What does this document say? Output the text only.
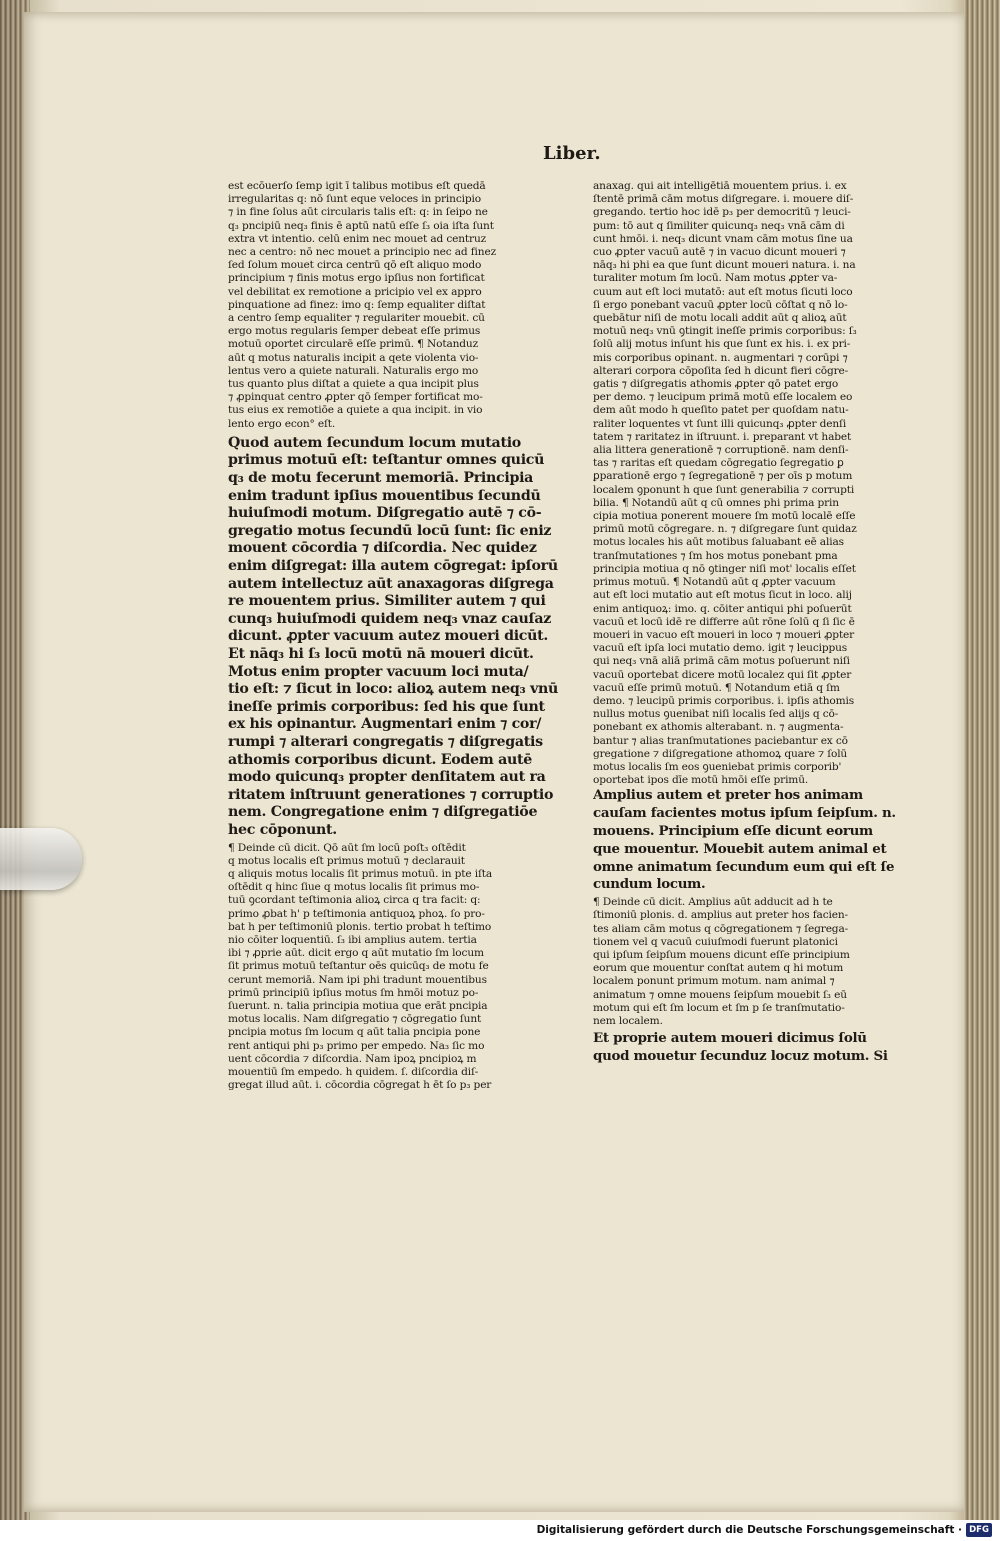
Liber.

est ecōuerſo ſemp igit ī talibus motibus eſt quedā

irregularitas q: nō ſunt eque veloces in principio

⁊ in fine ſolus aūt circularis talis eſt: q: in ſeipo ne

q₃ pncipiū neq₃ finis ē aptū natū eſſe ſ₃ oia iſta ſunt

extra vt intentio. celū enim nec mouet ad centruz

nec a centro: nō nec mouet a principio nec ad finez

ſed ſolum mouet circa centrū qō eſt aliquo modo

principium ⁊ finis motus ergo ipſius non fortificat

vel debilitat ex remotione a pricipio vel ex appro

pinquatione ad finez: imo q: ſemp equaliter diſtat

a centro ſemp equaliter ⁊ regulariter mouebit. cū

ergo motus regularis ſemper debeat eſſe primus

motuū oportet circularē eſſe primū. ¶ Notanduz

aūt q motus naturalis incipit a qete violenta vio-

lentus vero a quiete naturali. Naturalis ergo mo

tus quanto plus diſtat a quiete a qua incipit plus

⁊ ꝓpinquat centro ꝓpter qō ſemper fortificat mo-

tus eius ex remotiōe a quiete a qua incipit. in vio

lento ergo econ° eſt.

Quod autem ſecundum locum mutatio

primus motuū eſt: teſtantur omnes quicū

q₃ de motu fecerunt memoriā. Principia

enim tradunt ipſius mouentibus ſecundū

huiuſmodi motum. Diſgregatio autē ⁊ cō-

gregatio motus ſecundū locū ſunt: ſic eniz

mouent cōcordia ⁊ diſcordia. Nec quidez

enim diſgregat: illa autem cōgregat: ipſorū

autem intellectuz aūt anaxagoras diſgrega

re mouentem prius. Similiter autem ⁊ qui

cunq₃ huiuſmodi quidem neq₃ vnaz cauſaz

dicunt. ꝓpter vacuum autez moueri dicūt.

Et nāq₃ hi ſ₃ locū motū nā moueri dicūt.

Motus enim propter vacuum loci muta/

tio eſt: ⁊ ſicut in loco: alioꝝ autem neq₃ vnū

ineſſe primis corporibus: ſed his que ſunt

ex his opinantur. Augmentari enim ⁊ cor/

rumpi ⁊ alterari congregatis ⁊ diſgregatis

athomis corporibus dicunt. Eodem autē

modo quicunq₃ propter denſitatem aut ra

ritatem inſtruunt generationes ⁊ corruptio

nem. Congregatione enim ⁊ diſgregatiōe

hec cōponunt.

¶ Deinde cū dicit. Qō aūt ſm locū poſt₃ oſtēdit

q motus localis eſt primus motuū ⁊ declarauit

q aliquis motus localis ſit primus motuū. in pte iſta

oſtēdit q hinc ſiue q motus localis ſit primus mo-

tuū ꝯcordant teſtimonia alioꝝ circa q tra facit: q:

primo ꝓbat h' p teſtimonia antiquoꝝ phoꝝ. ſo pro-

bat h per teſtimoniū plonis. tertio probat h teſtimo

nio cōiter loquentiū. ſ₃ ibi amplius autem. tertia

ibi ⁊ ꝓprie aūt. dicit ergo q aūt mutatio ſm locum

ſit primus motuū teſtantur oēs quicūq₃ de motu fe

cerunt memoriā. Nam ipi phi tradunt mouentibus

primū principiū ipſius motus ſm hmōi motuz po-

ſuerunt. n. talia principia motiua que erāt pncipia

motus localis. Nam diſgregatio ⁊ cōgregatio ſunt

pncipia motus ſm locum q aūt talia pncipia pone

rent antiqui phi p₃ primo per empedo. Na₃ ſic mo

uent cōcordia ⁊ diſcordia. Nam ipoꝝ pncipioꝝ m

mouentiū ſm empedo. h quidem. ſ. diſcordia diſ-

gregat illud aūt. i. cōcordia cōgregat h ēt ſo p₃ per

anaxag. qui ait intelligētiā mouentem prius. i. ex

ſtentē primā cām motus diſgregare. i. mouere diſ-

gregando. tertio hoc idē p₃ per democritū ⁊ leuci-

pum: tō aut q ſimiliter quicunq₃ neq₃ vnā cām di

cunt hmōi. i. neq₃ dicunt vnam cām motus ſine ua

cuo ꝓpter vacuū autē ⁊ in vacuo dicunt moueri ⁊

nāq₃ hi phi ea que ſunt dicunt moueri natura. i. na

turaliter motum ſm locū. Nam motus ꝓpter va-

cuum aut eſt loci mutatō: aut eſt motus ſicuti loco

ſi ergo ponebant vacuū ꝓpter locū cōſtat q nō lo-

quebātur niſi de motu locali addit aūt q alioꝝ aūt

motuū neq₃ vnū ꝯtingit ineſſe primis corporibus: ſ₃

ſolū alij motus inſunt his que ſunt ex his. i. ex pri-

mis corporibus opinant. n. augmentari ⁊ corūpi ⁊

alterari corpora cōpoſita ſed h dicunt fieri cōgre-

gatis ⁊ diſgregatis athomis ꝓpter qō patet ergo

per demo. ⁊ leucipum primā motū eſſe localem eo

dem aūt modo h queſito patet per quoſdam natu-

raliter loquentes vt ſunt illi quicunq₃ ꝓpter denſi

tatem ⁊ raritatez in iſtruunt. i. preparant vt habet

alia littera generationē ⁊ corruptionē. nam denſi-

tas ⁊ raritas eſt quedam cōgregatio ſegregatio ꝑ

ꝑparationē ergo ⁊ ſegregationē ⁊ per oīs p motum

localem ꝯponunt h que ſunt generabilia ⁊ corrupti

bilia. ¶ Notandū aūt q cū omnes phi prima prin

cipia motiua ponerent mouere ſm motū localē eſſe

primū motū cōgregare. n. ⁊ diſgregare ſunt quidaz

motus locales his aūt motibus ſaluabant eē alias

tranſmutationes ⁊ ſm hos motus ponebant pma

principia motiua q nō ꝯtinger niſi mot' localis eſſet

primus motuū. ¶ Notandū aūt q ꝓpter vacuum

aut eſt loci mutatio aut eſt motus ſicut in loco. alij

enim antiquoꝝ: imo. q. cōiter antiqui phi poſuerūt

vacuū et locū idē re differre aūt rōne ſolū q ſi ſic ē

moueri in vacuo eſt moueri in loco ⁊ moueri ꝓpter

vacuū eſt ipſa loci mutatio demo. igit ⁊ leucippus

qui neq₃ vnā aliā primā cām motus poſuerunt niſi

vacuū oportebat dicere motū localez qui ſit ꝓpter

vacuū eſſe primū motuū. ¶ Notandum etiā q ſm

demo. ⁊ leucipū primis corporibus. i. ipſis athomis

nullus motus ꝯuenibat niſi localis ſed alijs q cō-

ponebant ex athomis alterabant. n. ⁊ augmenta-

bantur ⁊ alias tranſmutationes paciebantur ex cō

gregatione ⁊ diſgregatione athomoꝝ quare ⁊ ſolū

motus localis ſm eos ꝯueniebat primis corporib'

oportebat ipos dīe motū hmōi eſſe primū.

Amplius autem et preter hos animam

cauſam facientes motus ipſum ſeipſum. n.

mouens. Principium eſſe dicunt eorum

que mouentur. Mouebit autem animal et

omne animatum ſecundum eum qui eſt ſe

cundum locum.

¶ Deinde cū dicit. Amplius aūt adducit ad h te

ſtimoniū plonis. d. amplius aut preter hos facien-

tes aliam cām motus q cōgregationem ⁊ ſegrega-

tionem vel q vacuū cuiuſmodi fuerunt platonici

qui ipſum ſeipſum mouens dicunt eſſe principium

eorum que mouentur conſtat autem q hi motum

localem ponunt primum motum. nam animal ⁊

animatum ⁊ omne mouens ſeipſum mouebit ſ₃ eū

motum qui eſt ſm locum et ſm p ſe tranſmutatio-

nem localem.

Et proprie autem moueri dicimus ſolū

quod mouetur ſecunduz locuz motum. Si

Digitalisierung gefördert durch die Deutsche Forschungsgemeinschaft · DFG
